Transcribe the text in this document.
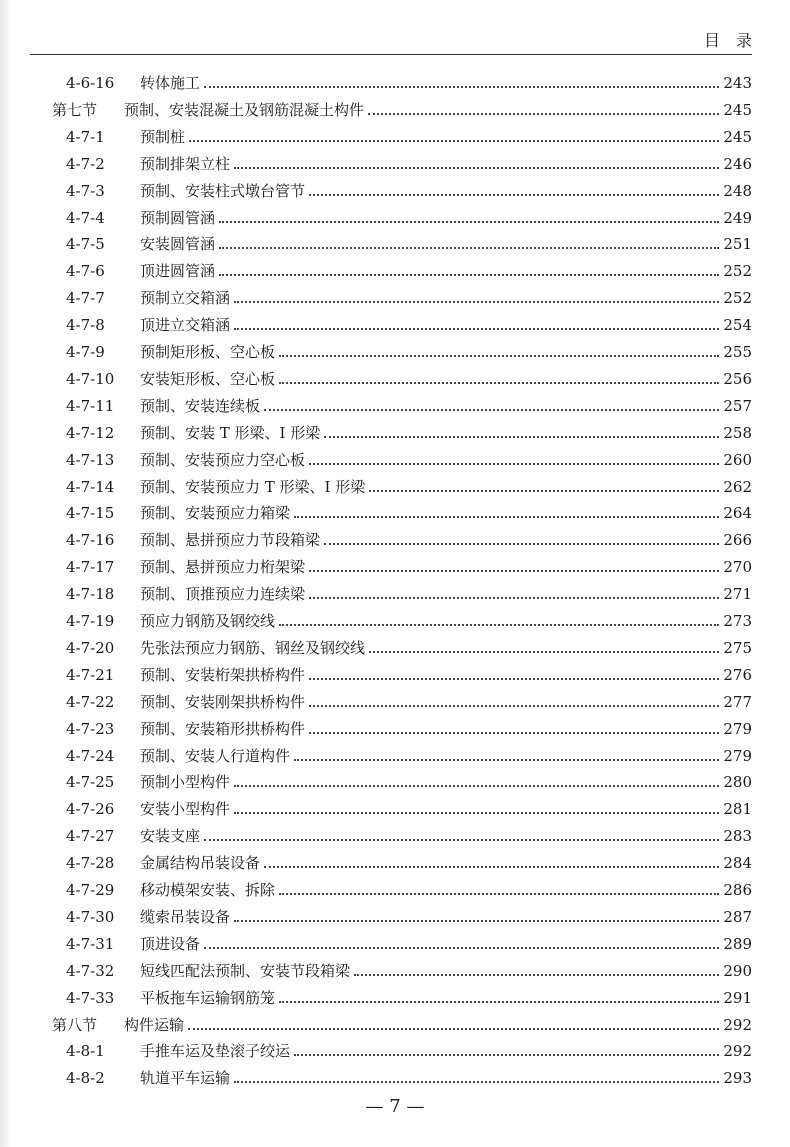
目录
4-6-16	转体施工	243
第七节	预制、安装混凝土及钢筋混凝土构件	245
4-7-1	预制桩	245
4-7-2	预制排架立柱	246
4-7-3	预制、安装柱式墩台管节	248
4-7-4	预制圆管涵	249
4-7-5	安装圆管涵	251
4-7-6	顶进圆管涵	252
4-7-7	预制立交箱涵	252
4-7-8	顶进立交箱涵	254
4-7-9	预制矩形板、空心板	255
4-7-10	安装矩形板、空心板	256
4-7-11	预制、安装连续板	257
4-7-12	预制、安装 T 形梁、I 形梁	258
4-7-13	预制、安装预应力空心板	260
4-7-14	预制、安装预应力 T 形梁、I 形梁	262
4-7-15	预制、安装预应力箱梁	264
4-7-16	预制、悬拼预应力节段箱梁	266
4-7-17	预制、悬拼预应力桁架梁	270
4-7-18	预制、顶推预应力连续梁	271
4-7-19	预应力钢筋及钢绞线	273
4-7-20	先张法预应力钢筋、钢丝及钢绞线	275
4-7-21	预制、安装桁架拱桥构件	276
4-7-22	预制、安装刚架拱桥构件	277
4-7-23	预制、安装箱形拱桥构件	279
4-7-24	预制、安装人行道构件	279
4-7-25	预制小型构件	280
4-7-26	安装小型构件	281
4-7-27	安装支座	283
4-7-28	金属结构吊装设备	284
4-7-29	移动模架安装、拆除	286
4-7-30	缆索吊装设备	287
4-7-31	顶进设备	289
4-7-32	短线匹配法预制、安装节段箱梁	290
4-7-33	平板拖车运输钢筋笼	291
第八节	构件运输	292
4-8-1	手推车运及垫滚子绞运	292
4-8-2	轨道平车运输	293
— 7 —
